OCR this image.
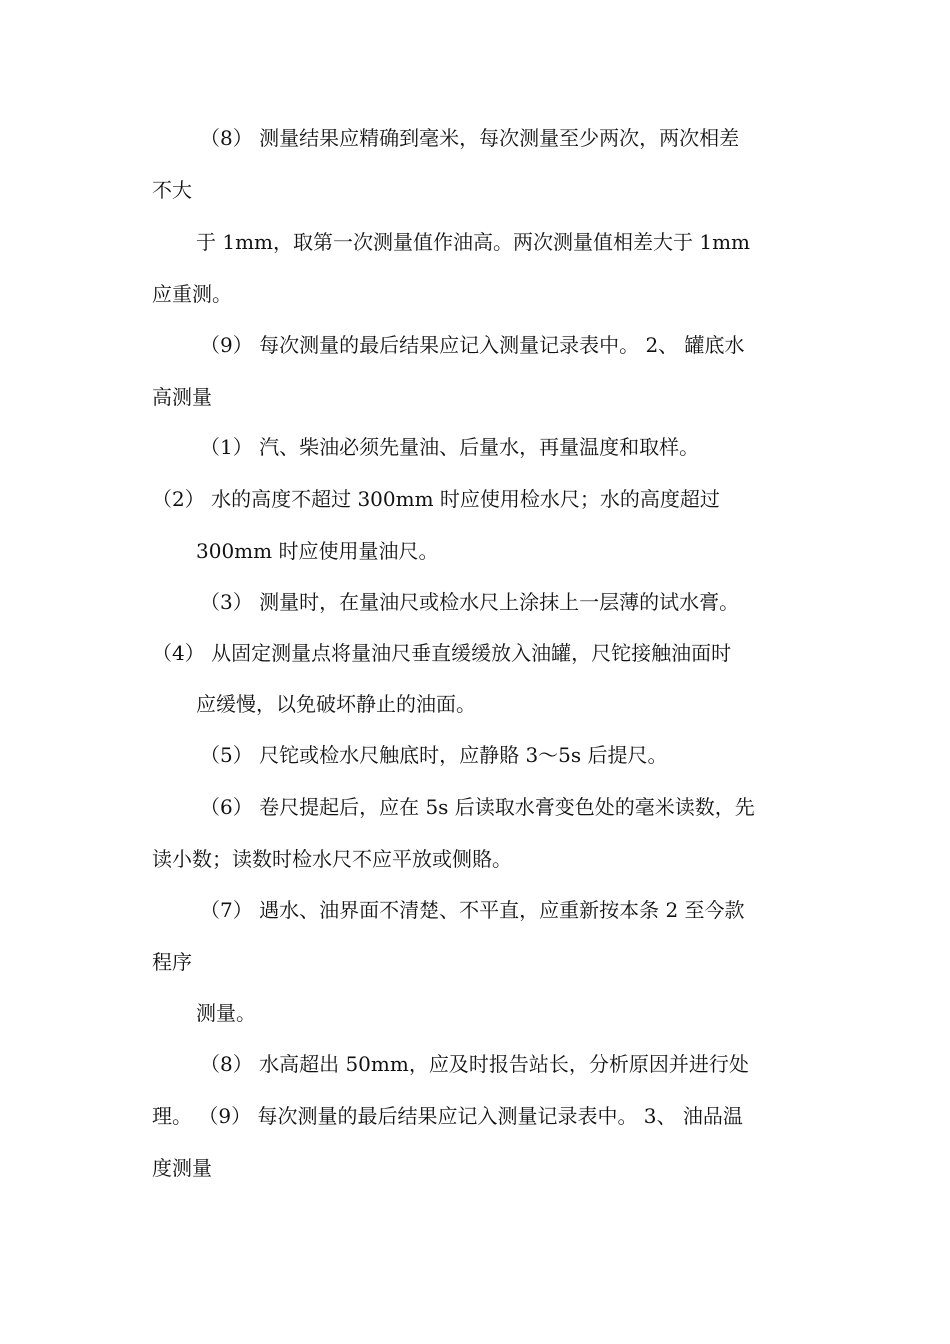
（8） 测量结果应精确到毫米，每次测量至少两次，两次相差
不大
于 1mm，取第一次测量值作油高。两次测量值相差大于 1mm
应重测。
（9） 每次测量的最后结果应记入测量记录表中。 2、 罐底水
高测量
（1） 汽、柴油必须先量油、后量水，再量温度和取样。
（2） 水的高度不超过 300mm 时应使用检水尺；水的高度超过
300mm 时应使用量油尺。
（3） 测量时，在量油尺或检水尺上涂抹上一层薄的试水膏。
（4） 从固定测量点将量油尺垂直缓缓放入油罐，尺铊接触油面时
应缓慢，以免破坏静止的油面。
（5） 尺铊或检水尺触底时，应静賂 3～5s 后提尺。
（6） 卷尺提起后，应在 5s 后读取水膏变色处的毫米读数，先
读小数；读数时检水尺不应平放或侧賂。
（7） 遇水、油界面不清楚、不平直，应重新按本条 2 至今款
程序
测量。
（8） 水高超出 50mm，应及时报告站长，分析原因并进行处
理。 （9） 每次测量的最后结果应记入测量记录表中。 3、 油品温
度测量
